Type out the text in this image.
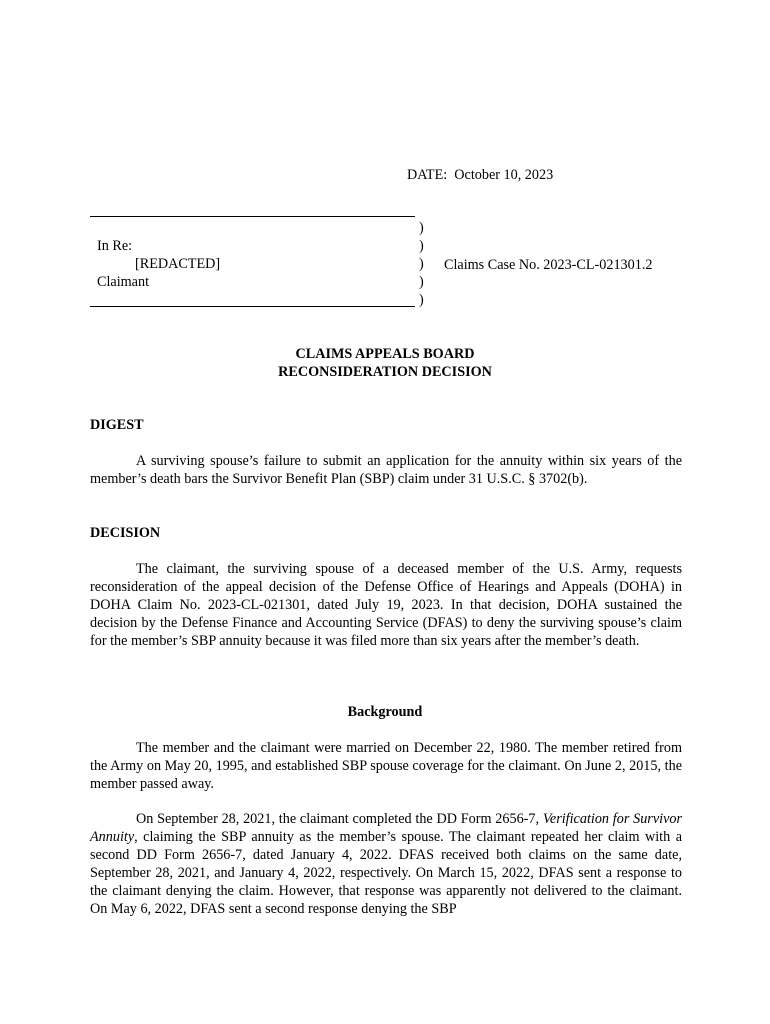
DATE:  October 10, 2023
In Re:
[REDACTED]
Claimant
)
)
)
)
)
Claims Case No. 2023-CL-021301.2
CLAIMS APPEALS BOARD
RECONSIDERATION DECISION
DIGEST
A surviving spouse’s failure to submit an application for the annuity within six years of the member’s death bars the Survivor Benefit Plan (SBP) claim under 31 U.S.C. § 3702(b).
DECISION
The claimant, the surviving spouse of a deceased member of the U.S. Army, requests reconsideration of the appeal decision of the Defense Office of Hearings and Appeals (DOHA) in DOHA Claim No. 2023-CL-021301, dated July 19, 2023. In that decision, DOHA sustained the decision by the Defense Finance and Accounting Service (DFAS) to deny the surviving spouse’s claim for the member’s SBP annuity because it was filed more than six years after the member’s death.
Background
The member and the claimant were married on December 22, 1980. The member retired from the Army on May 20, 1995, and established SBP spouse coverage for the claimant. On June 2, 2015, the member passed away.
On September 28, 2021, the claimant completed the DD Form 2656-7, Verification for Survivor Annuity, claiming the SBP annuity as the member’s spouse. The claimant repeated her claim with a second DD Form 2656-7, dated January 4, 2022. DFAS received both claims on the same date, September 28, 2021, and January 4, 2022, respectively. On March 15, 2022, DFAS sent a response to the claimant denying the claim. However, that response was apparently not delivered to the claimant. On May 6, 2022, DFAS sent a second response denying the SBP
